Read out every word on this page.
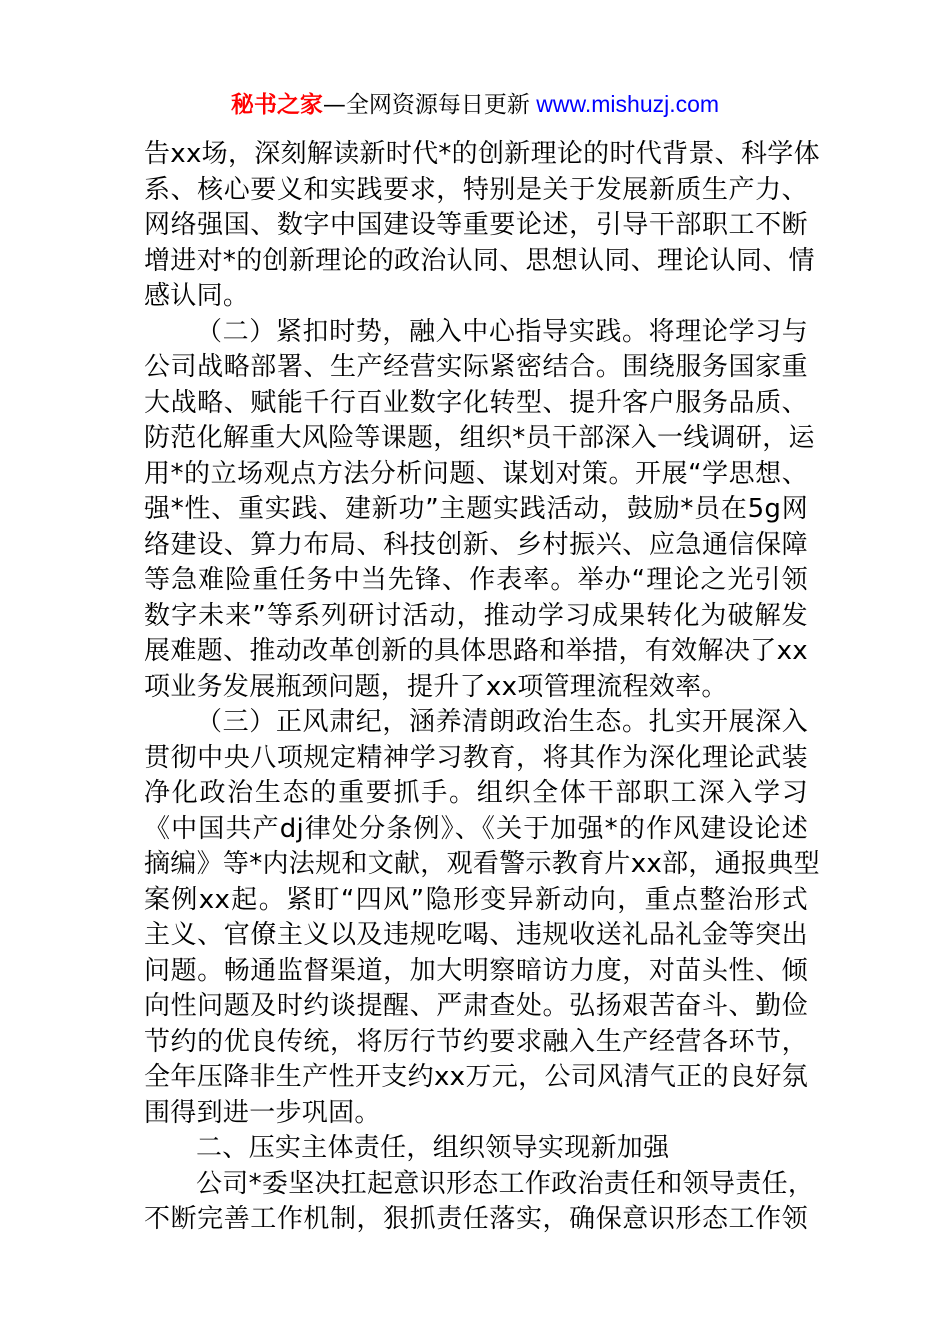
秘书之家—全网资源每日更新 www.mishuzj.com
告xx场，深刻解读新时代*的创新理论的时代背景、科学体
系、核心要义和实践要求，特别是关于发展新质生产力、
网络强国、数字中国建设等重要论述，引导干部职工不断
增进对*的创新理论的政治认同、思想认同、理论认同、情
感认同。
（二）紧扣时势，融入中心指导实践。将理论学习与
公司战略部署、生产经营实际紧密结合。围绕服务国家重
大战略、赋能千行百业数字化转型、提升客户服务品质、
防范化解重大风险等课题，组织*员干部深入一线调研，运
用*的立场观点方法分析问题、谋划对策。开展“学思想、
强*性、重实践、建新功”主题实践活动，鼓励*员在5g网
络建设、算力布局、科技创新、乡村振兴、应急通信保障
等急难险重任务中当先锋、作表率。举办“理论之光引领
数字未来”等系列研讨活动，推动学习成果转化为破解发
展难题、推动改革创新的具体思路和举措，有效解决了xx
项业务发展瓶颈问题，提升了xx项管理流程效率。
（三）正风肃纪，涵养清朗政治生态。扎实开展深入
贯彻中央八项规定精神学习教育，将其作为深化理论武装
净化政治生态的重要抓手。组织全体干部职工深入学习
《中国共产dj律处分条例》、《关于加强*的作风建设论述
摘编》等*内法规和文献，观看警示教育片xx部，通报典型
案例xx起。紧盯“四风”隐形变异新动向，重点整治形式
主义、官僚主义以及违规吃喝、违规收送礼品礼金等突出
问题。畅通监督渠道，加大明察暗访力度，对苗头性、倾
向性问题及时约谈提醒、严肃查处。弘扬艰苦奋斗、勤俭
节约的优良传统，将厉行节约要求融入生产经营各环节，
全年压降非生产性开支约xx万元，公司风清气正的良好氛
围得到进一步巩固。
二、压实主体责任，组织领导实现新加强
公司*委坚决扛起意识形态工作政治责任和领导责任，
不断完善工作机制，狠抓责任落实，确保意识形态工作领
